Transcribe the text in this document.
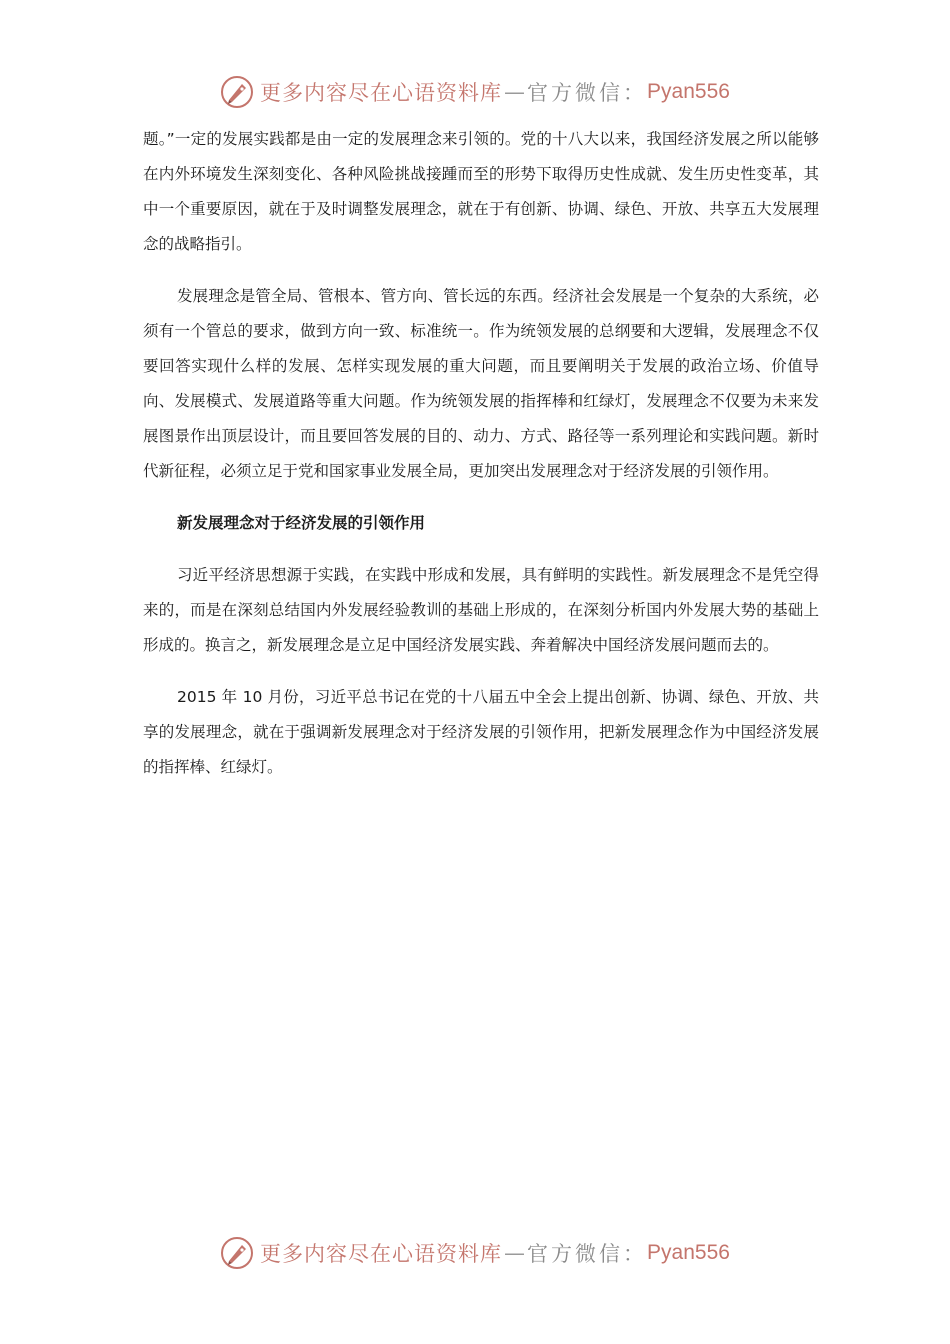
更多内容尽在心语资料库 — 官方微信： Pyan556

题。”一定的发展实践都是由一定的发展理念来引领的。党的十八大以来，我国经济发展之所以能够在内外环境发生深刻变化、各种风险挑战接踵而至的形势下取得历史性成就、发生历史性变革，其中一个重要原因，就在于及时调整发展理念，就在于有创新、协调、绿色、开放、共享五大发展理念的战略指引。

发展理念是管全局、管根本、管方向、管长远的东西。经济社会发展是一个复杂的大系统，必须有一个管总的要求，做到方向一致、标准统一。作为统领发展的总纲要和大逻辑，发展理念不仅要回答实现什么样的发展、怎样实现发展的重大问题，而且要阐明关于发展的政治立场、价值导向、发展模式、发展道路等重大问题。作为统领发展的指挥棒和红绿灯，发展理念不仅要为未来发展图景作出顶层设计，而且要回答发展的目的、动力、方式、路径等一系列理论和实践问题。新时代新征程，必须立足于党和国家事业发展全局，更加突出发展理念对于经济发展的引领作用。

新发展理念对于经济发展的引领作用

习近平经济思想源于实践，在实践中形成和发展，具有鲜明的实践性。新发展理念不是凭空得来的，而是在深刻总结国内外发展经验教训的基础上形成的，在深刻分析国内外发展大势的基础上形成的。换言之，新发展理念是立足中国经济发展实践、奔着解决中国经济发展问题而去的。

2015 年 10 月份，习近平总书记在党的十八届五中全会上提出创新、协调、绿色、开放、共享的发展理念，就在于强调新发展理念对于经济发展的引领作用，把新发展理念作为中国经济发展的指挥棒、红绿灯。

更多内容尽在心语资料库 — 官方微信： Pyan556
